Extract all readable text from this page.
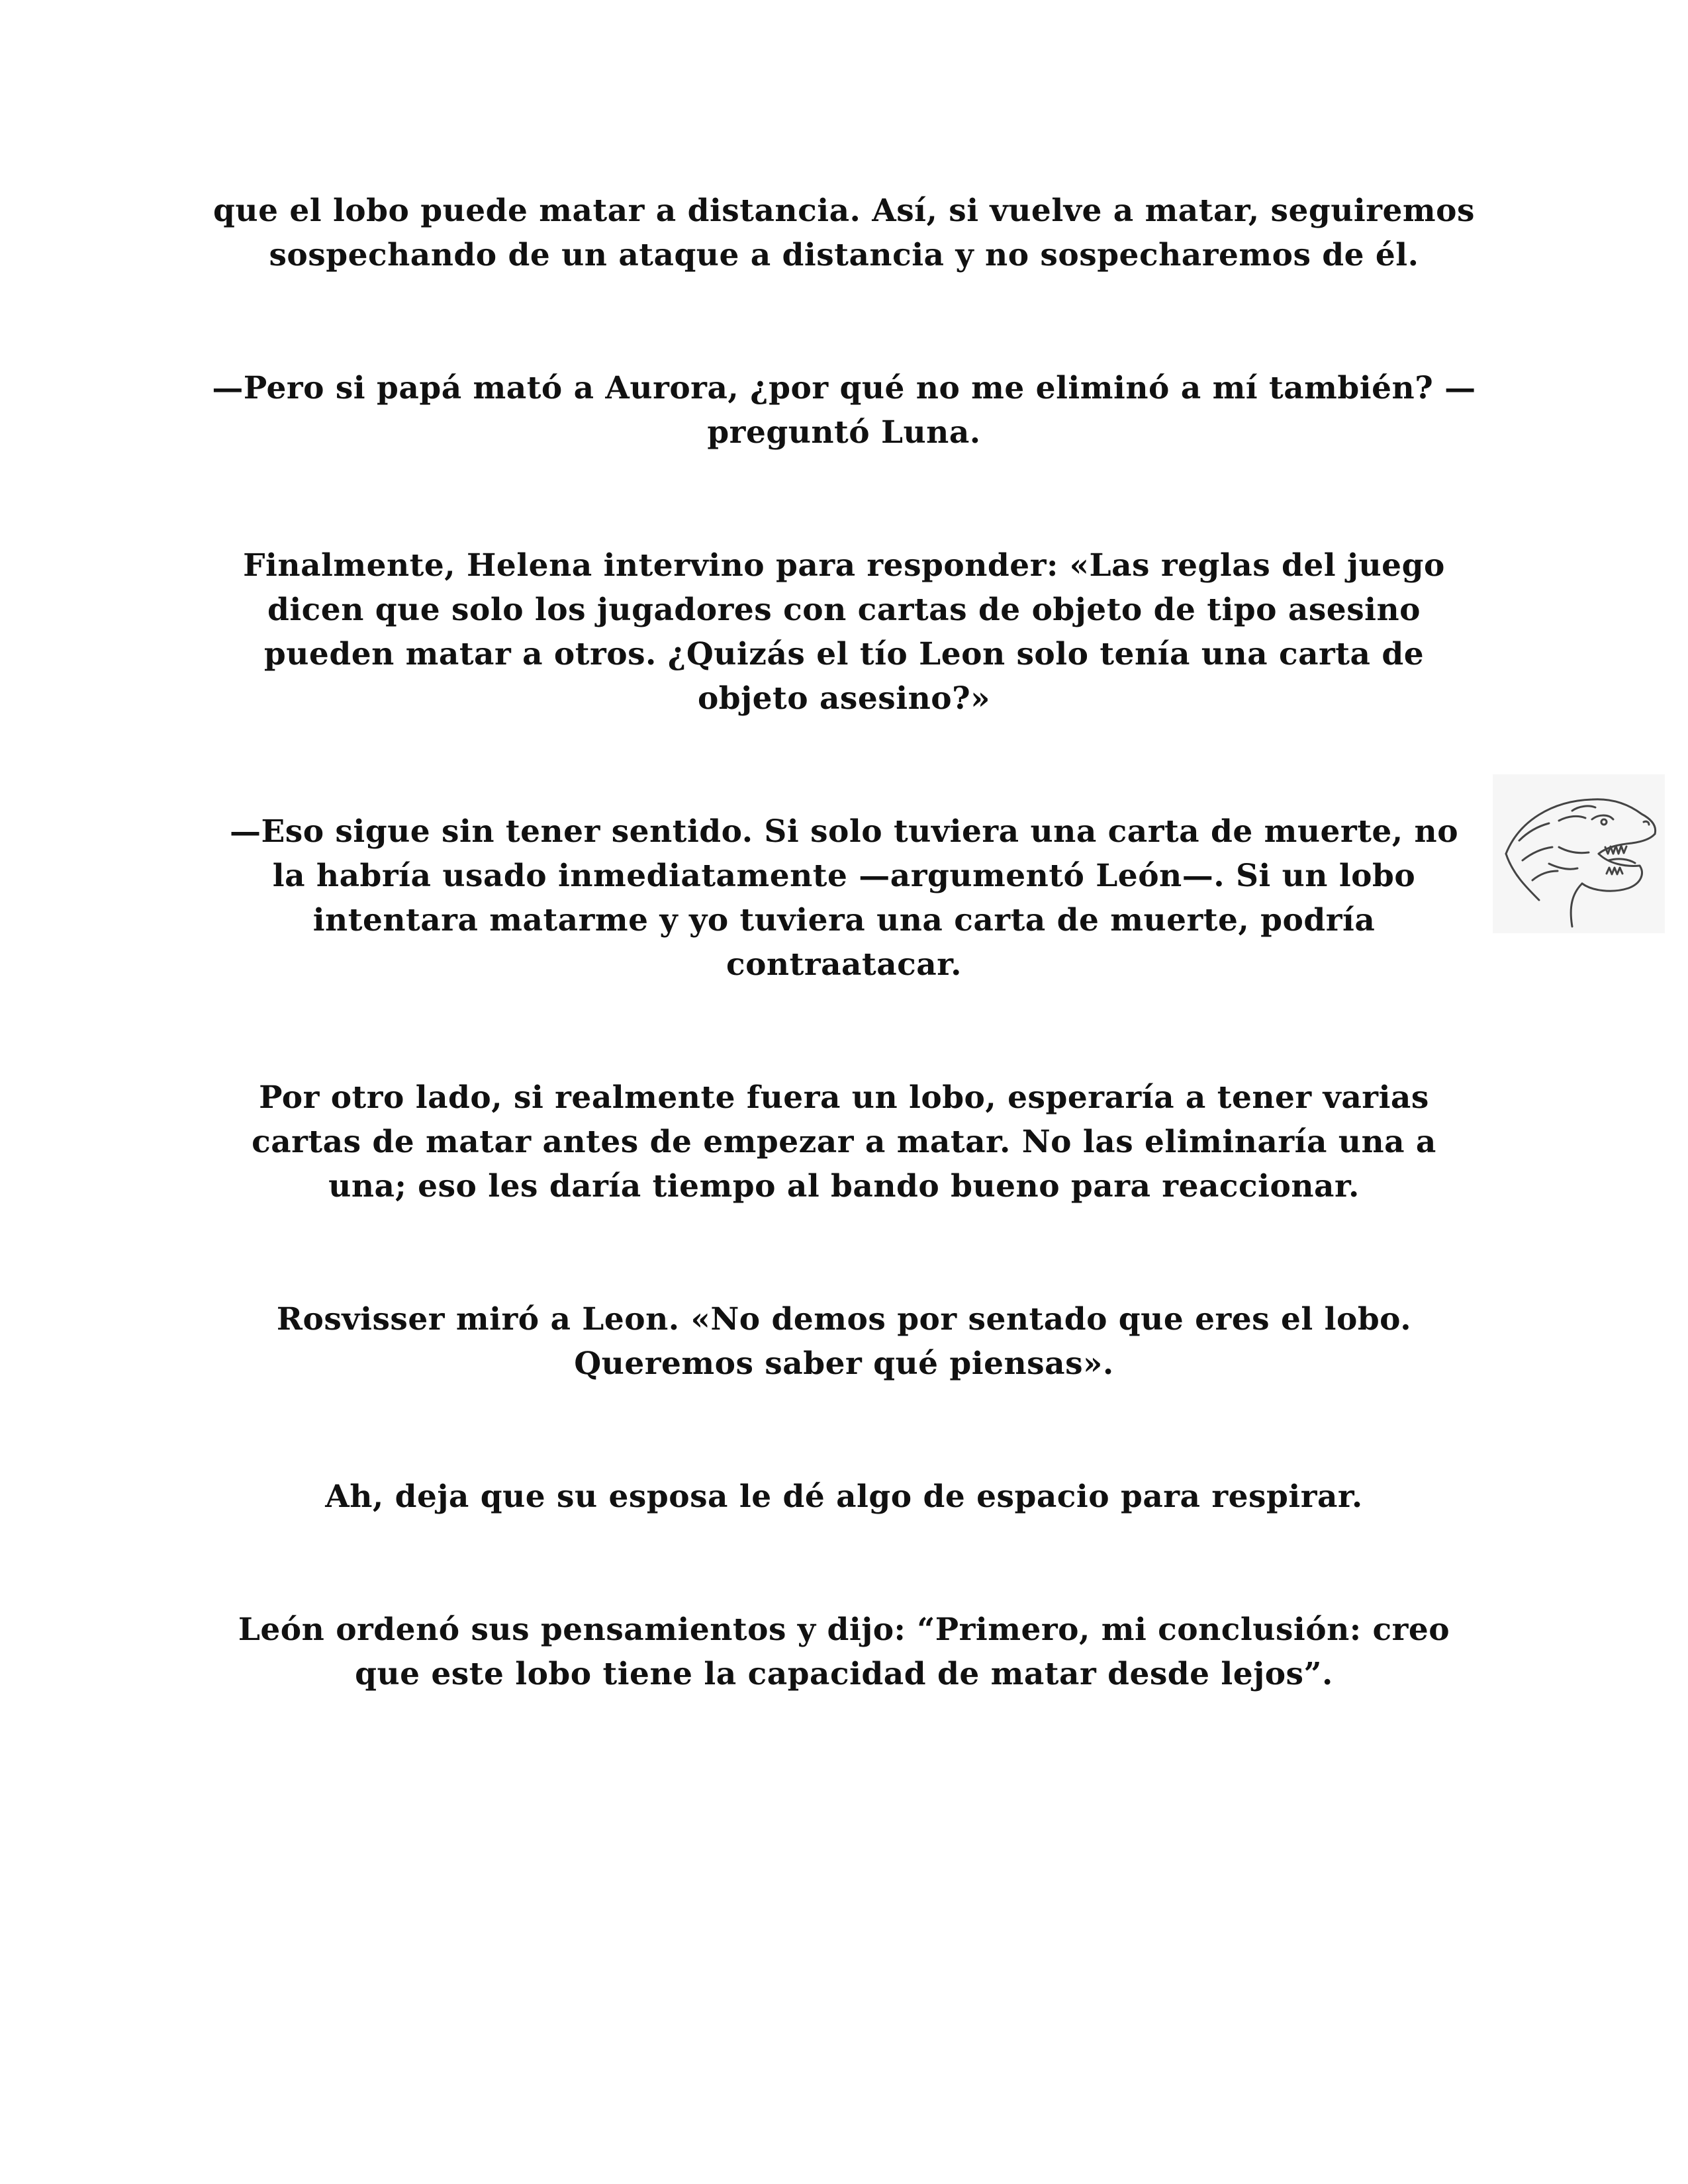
que el lobo puede matar a distancia. Así, si vuelve a matar, seguiremos sospechando de un ataque a distancia y no sospecharemos de él.

—Pero si papá mató a Aurora, ¿por qué no me eliminó a mí también? —preguntó Luna.

Finalmente, Helena intervino para responder: «Las reglas del juego dicen que solo los jugadores con cartas de objeto de tipo asesino pueden matar a otros. ¿Quizás el tío Leon solo tenía una carta de objeto asesino?»

—Eso sigue sin tener sentido. Si solo tuviera una carta de muerte, no la habría usado inmediatamente —argumentó León—. Si un lobo intentara matarme y yo tuviera una carta de muerte, podría contraatacar.

Por otro lado, si realmente fuera un lobo, esperaría a tener varias cartas de matar antes de empezar a matar. No las eliminaría una a una; eso les daría tiempo al bando bueno para reaccionar.

Rosvisser miró a Leon. «No demos por sentado que eres el lobo. Queremos saber qué piensas».

Ah, deja que su esposa le dé algo de espacio para respirar.

León ordenó sus pensamientos y dijo: “Primero, mi conclusión: creo que este lobo tiene la capacidad de matar desde lejos”.
